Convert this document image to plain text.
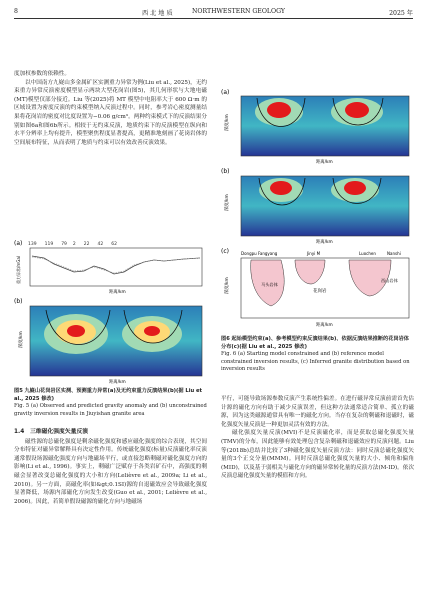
8	西 北 地 质	NORTHWESTERN GEOLOGY	2025 年

度加权参数的依赖性。

以中国南方九嶷山多金属矿区实测重力异常为例(Liu et al., 2025)，无约束重力异常反演密度模型显示两块大型花岗岩(图5)，其几何形状与大地电磁(MT)模型仅部分接近。Liu 等(2025)将 MT 模型中电阻率大于 600 Ω·m 的区域设置为密度反演的约束模型纳入反演过程中。同时，参考岩心密度测量结果将花岗岩的密度对比度设置为−0.06 g/cm³。两种约束模式下的反演结果分别如图6a和图6b所示。相较于无约束反演，地质约束下的反演模型在纵向和水平分辨率上均有提升，模型聚焦程度显著提高，更精准地刻画了花岗岩体的空间展布特征，从而表明了地质与约束可以有效改善反演效果。

(a) 139 119 79 2 22 42 62
重力异常/mGal
距离/km
(b)
深度/km
距离/km
图5 九嶷山花岗岩区实测、预测重力异常(a)及无约束重力反演结果(b)(据 Liu et al., 2025 修改)
Fig. 5 (a) Observed and predicted gravity anomaly and (b) unconstrained gravity inversion results in Jiuyishan granite area
1.4　三维磁化强度矢量反演

磁性源的总磁化强度是剩余磁化强度和感应磁化强度的综合表现，其空间分布特征对磁异常解释具有决定性作用。传统磁化强度(标量)反演磁化率反演通常假设场源磁化强度方向与地磁场平行，或直接忽略剩磁对磁化强度方向的影响(Li et al., 1996)。事实上，剩磁广泛赋存于各类岩矿石中，高强度的剩磁会显著改变总磁化强度的大小和方向(Lelièvre et al., 2009a; Li et al., 2010)。另一方面，高磁化率(如&gt;0.1SI)源的自退磁效应会导致磁化强度显著降低，场源内部磁化方向发生改变(Guo et al., 2001; Lelièvre et al., 2006)。因此，若简单假设磁源的磁化方向与地磁场

(a)
深度/km
距离/km
(b)
深度/km
距离/km
(c)	Dongpu Fangyang	Jinyi M	Luochen	Nanshi
花岗岩
西山岩体
马头岩体
深度/km
距离/km
图6 起始模型约束(a)、参考模型约束反演结果(b)、依据反演结果推断的花岗岩体分布(c)(据 Liu et al., 2025 修改)
Fig. 6 (a) Starting model constrained and (b) reference model constrained inversion results, (c) Inferred granite distribution based on inversion results

平行，可能导致场源参数反演产生系统性偏差。在进行磁异常反演前需首先估计源的磁化方向有助于减少反演误差，但这种方法通常适合简单、孤立的磁源，因为这类磁源通常具有唯一的磁化方向。当存在复杂的剩磁和退磁时，磁化强度矢量反演是一种更加灵活有效的方法。

磁化强度矢量反演(MVI)不是反演磁化率，而是获取总磁化强度矢量(TMV)的分布，因此能够有效处理包含复杂剩磁和退磁效应的反演问题。Liu 等(2018b)总结并比较了3种磁化强度矢量反演方法：同时反演总磁化强度矢量的3个正交分量(MMM)。同时反演总磁化强度矢量的大小、倾角和偏角(MID)，以及基于弱相关与磁化方向的磁异常转化量的反演方法(M-ID)。依次反演总磁化强度矢量的模值和方向。
